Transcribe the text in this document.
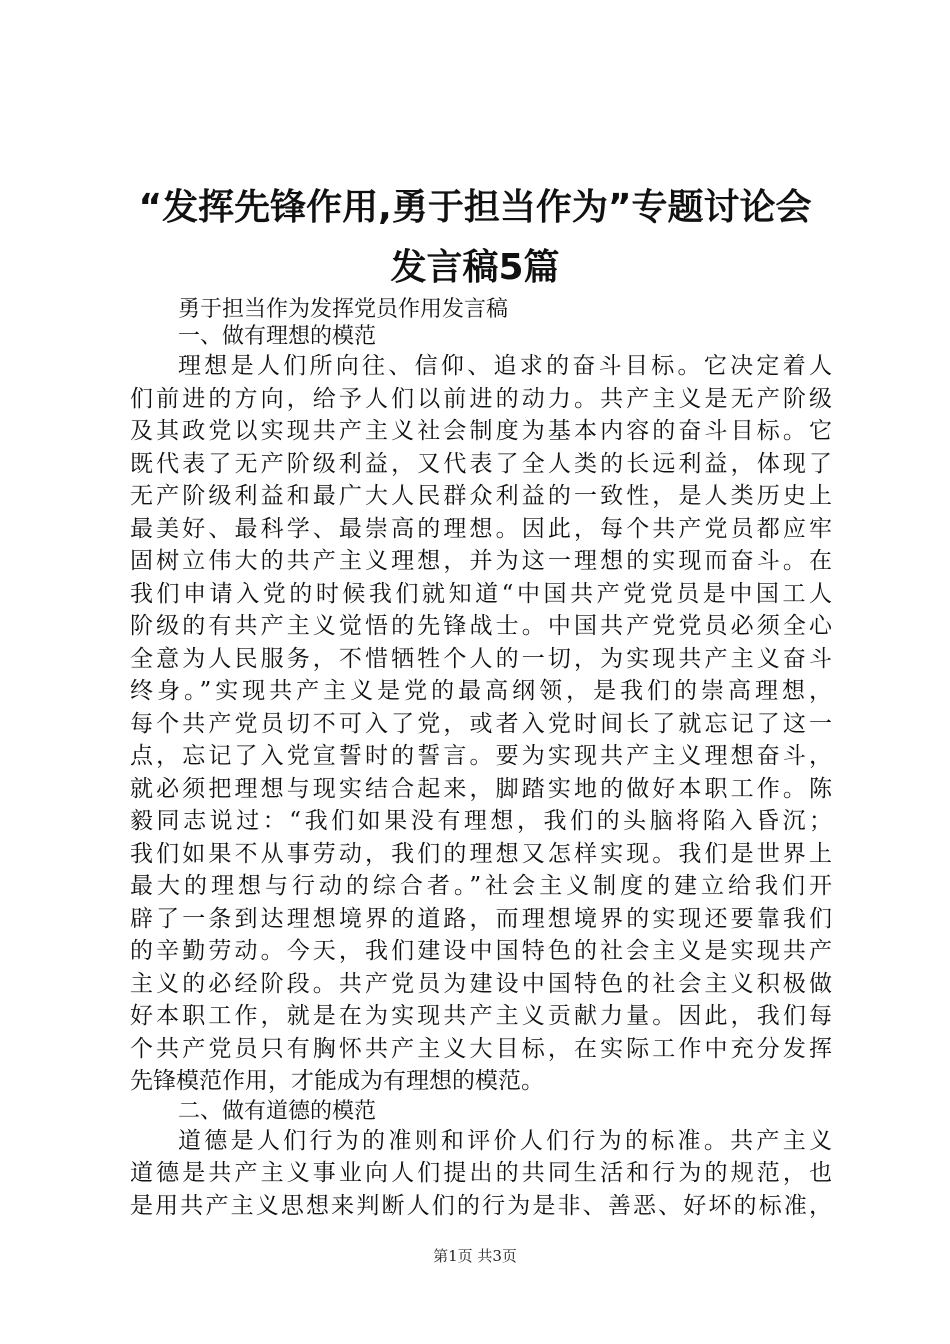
“发挥先锋作用,勇于担当作为”专题讨论会
发言稿5篇
勇于担当作为发挥党员作用发言稿
一、做有理想的模范
理想是人们所向往、信仰、追求的奋斗目标。它决定着人
们前进的方向，给予人们以前进的动力。共产主义是无产阶级
及其政党以实现共产主义社会制度为基本内容的奋斗目标。它
既代表了无产阶级利益，又代表了全人类的长远利益，体现了
无产阶级利益和最广大人民群众利益的一致性，是人类历史上
最美好、最科学、最崇高的理想。因此，每个共产党员都应牢
固树立伟大的共产主义理想，并为这一理想的实现而奋斗。在
我们申请入党的时候我们就知道“中国共产党党员是中国工人
阶级的有共产主义觉悟的先锋战士。中国共产党党员必须全心
全意为人民服务，不惜牺牲个人的一切，为实现共产主义奋斗
终身。”实现共产主义是党的最高纲领，是我们的崇高理想，
每个共产党员切不可入了党，或者入党时间长了就忘记了这一
点，忘记了入党宣誓时的誓言。要为实现共产主义理想奋斗，
就必须把理想与现实结合起来，脚踏实地的做好本职工作。陈
毅同志说过：“我们如果没有理想，我们的头脑将陷入昏沉；
我们如果不从事劳动，我们的理想又怎样实现。我们是世界上
最大的理想与行动的综合者。”社会主义制度的建立给我们开
辟了一条到达理想境界的道路，而理想境界的实现还要靠我们
的辛勤劳动。今天，我们建设中国特色的社会主义是实现共产
主义的必经阶段。共产党员为建设中国特色的社会主义积极做
好本职工作，就是在为实现共产主义贡献力量。因此，我们每
个共产党员只有胸怀共产主义大目标，在实际工作中充分发挥
先锋模范作用，才能成为有理想的模范。
二、做有道德的模范
道德是人们行为的准则和评价人们行为的标准。共产主义
道德是共产主义事业向人们提出的共同生活和行为的规范，也
是用共产主义思想来判断人们的行为是非、善恶、好坏的标准，
第1页 共3页
